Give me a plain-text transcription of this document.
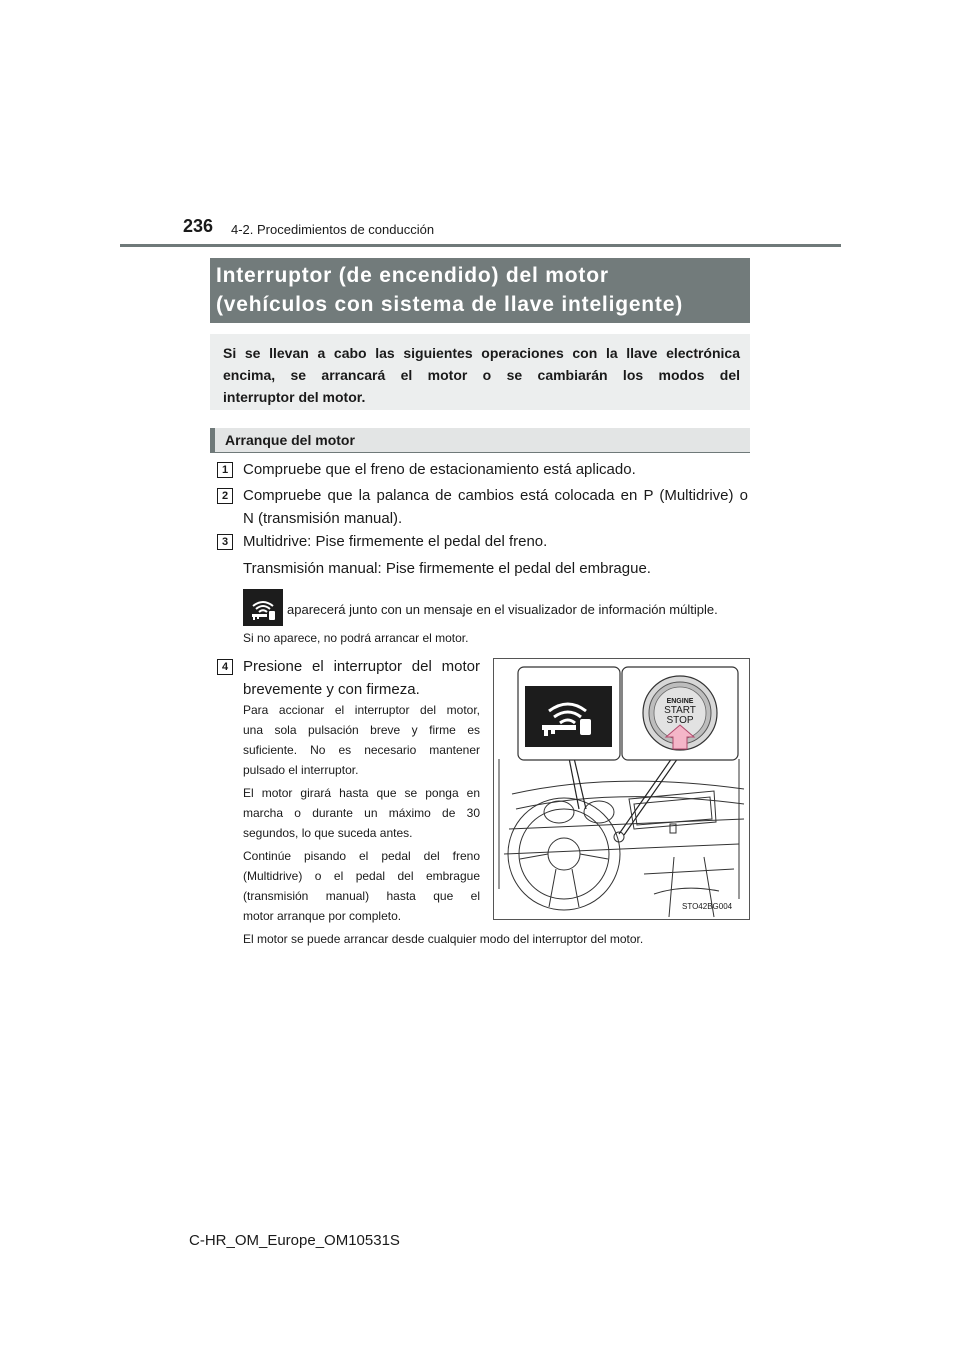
236 4-2. Procedimientos de conducción
Interruptor (de encendido) del motor
(vehículos con sistema de llave inteligente)
Si se llevan a cabo las siguientes operaciones con la llave electrónica
encima, se arrancará el motor o se cambiarán los modos del
interruptor del motor.
Arranque del motor
1 Compruebe que el freno de estacionamiento está aplicado.
2 Compruebe que la palanca de cambios está colocada en P (Multidrive) o
N (transmisión manual).
3 Multidrive: Pise firmemente el pedal del freno.
Transmisión manual: Pise firmemente el pedal del embrague.
aparecerá junto con un mensaje en el visualizador de información múltiple.
Si no aparece, no podrá arrancar el motor.
4 Presione el interruptor del motor
brevemente y con firmeza.
Para accionar el interruptor del motor,
una sola pulsación breve y firme es
suficiente. No es necesario mantener
pulsado el interruptor.
El motor girará hasta que se ponga en
marcha o durante un máximo de 30
segundos, lo que suceda antes.
Continúe pisando el pedal del freno
(Multidrive) o el pedal del embrague
(transmisión manual) hasta que el
motor arranque por completo.
ENGINE
START
STOP
STO42BG004
El motor se puede arrancar desde cualquier modo del interruptor del motor.
C-HR_OM_Europe_OM10531S
